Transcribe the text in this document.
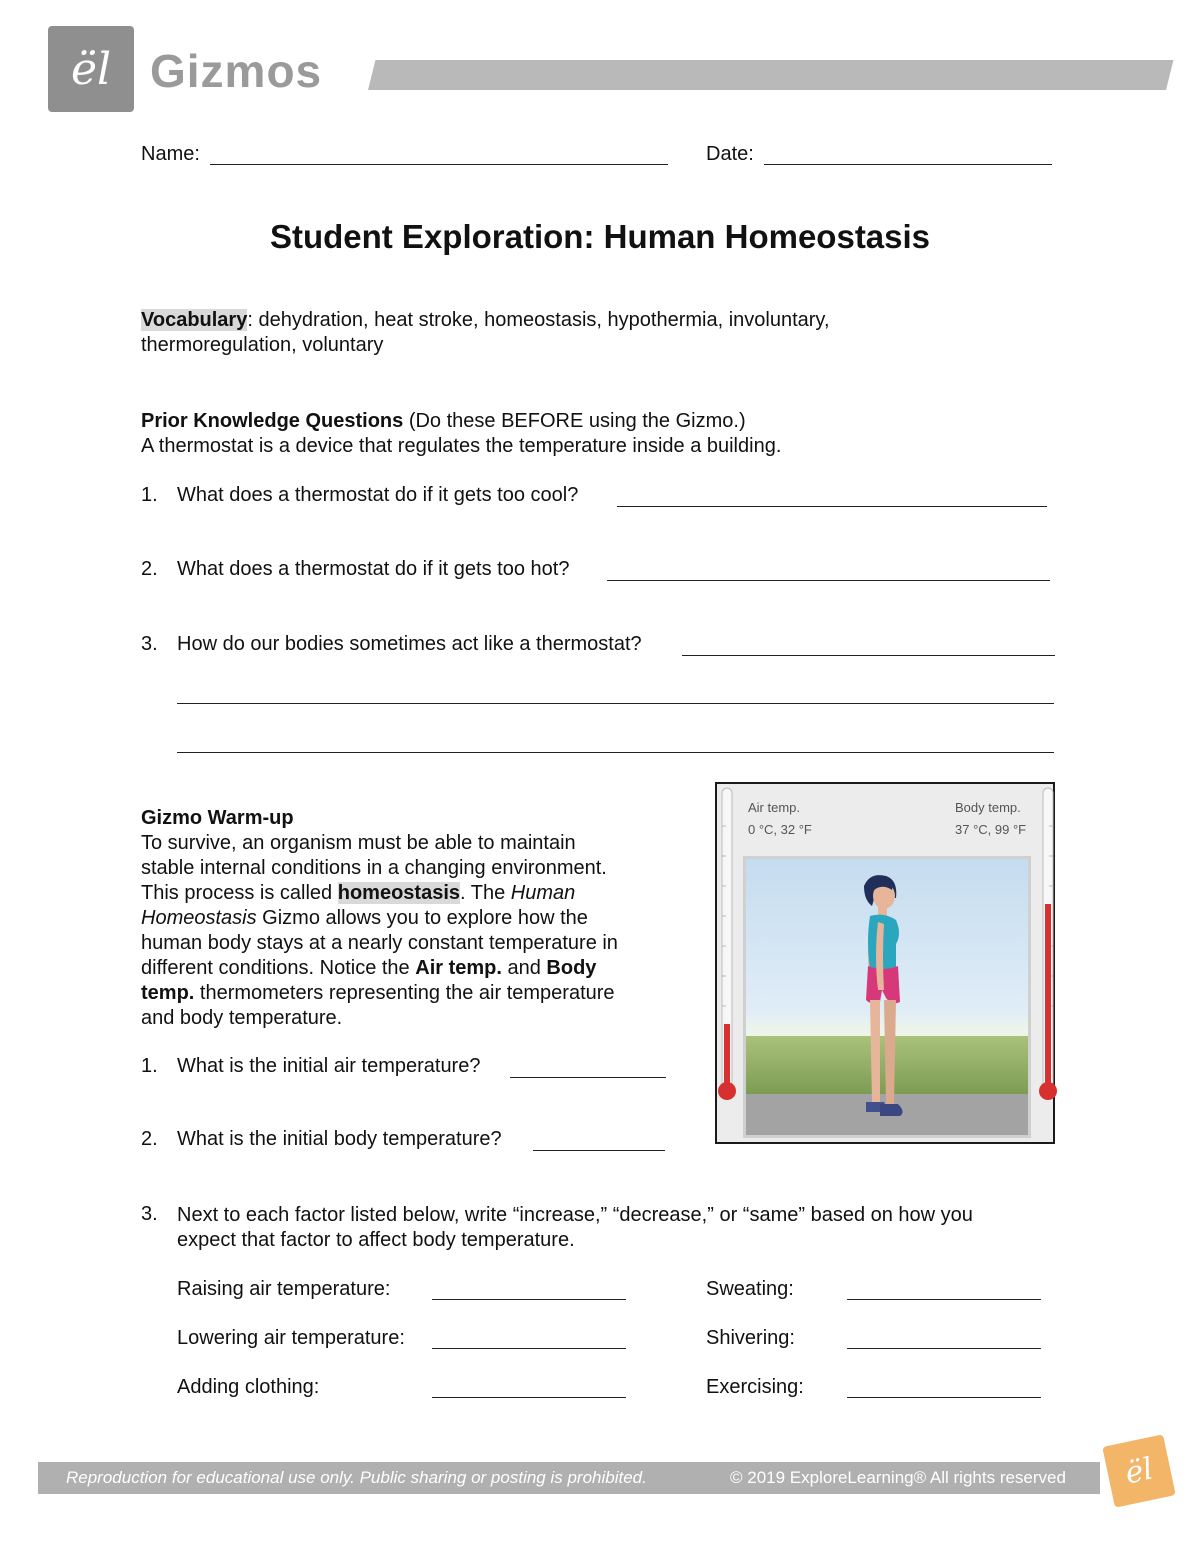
ël Gizmos
Name:	Date:
Student Exploration: Human Homeostasis
Vocabulary: dehydration, heat stroke, homeostasis, hypothermia, involuntary,
thermoregulation, voluntary
Prior Knowledge Questions (Do these BEFORE using the Gizmo.)
A thermostat is a device that regulates the temperature inside a building.
1. What does a thermostat do if it gets too cool?
2. What does a thermostat do if it gets too hot?
3. How do our bodies sometimes act like a thermostat?
Gizmo Warm-up
To survive, an organism must be able to maintain
stable internal conditions in a changing environment.
This process is called homeostasis. The Human
Homeostasis Gizmo allows you to explore how the
human body stays at a nearly constant temperature in
different conditions. Notice the Air temp. and Body
temp. thermometers representing the air temperature
and body temperature.
1. What is the initial air temperature?
2. What is the initial body temperature?
3. Next to each factor listed below, write “increase,” “decrease,” or “same” based on how you
expect that factor to affect body temperature.
Raising air temperature:	Sweating:
Lowering air temperature:	Shivering:
Adding clothing:	Exercising:
Air temp.
0 °C, 32 °F
Body temp.
37 °C, 99 °F
Reproduction for educational use only. Public sharing or posting is prohibited.	© 2019 ExploreLearning® All rights reserved	ël
